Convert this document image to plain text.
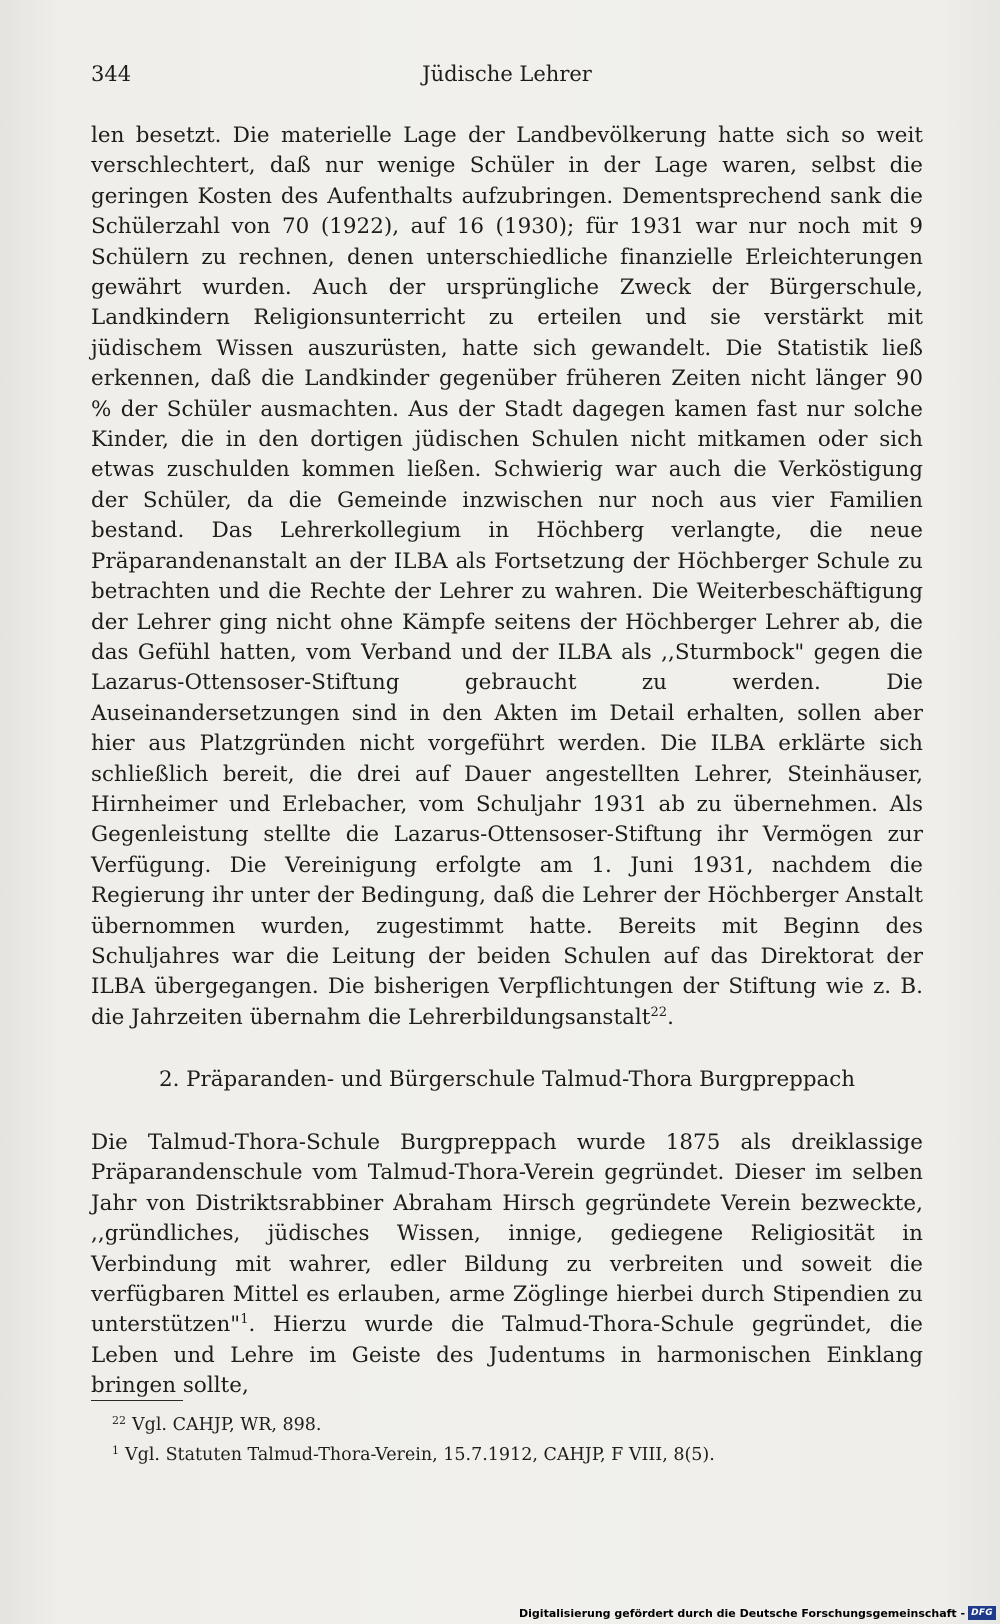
344	Jüdische Lehrer

len besetzt. Die materielle Lage der Landbevölkerung hatte sich so weit verschlechtert, daß nur wenige Schüler in der Lage waren, selbst die geringen Kosten des Aufenthalts aufzubringen. Dementsprechend sank die Schülerzahl von 70 (1922), auf 16 (1930); für 1931 war nur noch mit 9 Schülern zu rechnen, denen unterschiedliche finanzielle Erleichterungen gewährt wurden. Auch der ursprüngliche Zweck der Bürgerschule, Landkindern Religionsunterricht zu erteilen und sie verstärkt mit jüdischem Wissen auszurüsten, hatte sich gewandelt. Die Statistik ließ erkennen, daß die Landkinder gegenüber früheren Zeiten nicht länger 90 % der Schüler ausmachten. Aus der Stadt dagegen kamen fast nur solche Kinder, die in den dortigen jüdischen Schulen nicht mitkamen oder sich etwas zuschulden kommen ließen. Schwierig war auch die Verköstigung der Schüler, da die Gemeinde inzwischen nur noch aus vier Familien bestand. Das Lehrerkollegium in Höchberg verlangte, die neue Präparandenanstalt an der ILBA als Fortsetzung der Höchberger Schule zu betrachten und die Rechte der Lehrer zu wahren. Die Weiterbeschäftigung der Lehrer ging nicht ohne Kämpfe seitens der Höchberger Lehrer ab, die das Gefühl hatten, vom Verband und der ILBA als ,,Sturmbock" gegen die Lazarus-Ottensoser-Stiftung gebraucht zu werden. Die Auseinandersetzungen sind in den Akten im Detail erhalten, sollen aber hier aus Platzgründen nicht vorgeführt werden. Die ILBA erklärte sich schließlich bereit, die drei auf Dauer angestellten Lehrer, Steinhäuser, Hirnheimer und Erlebacher, vom Schuljahr 1931 ab zu übernehmen. Als Gegenleistung stellte die Lazarus-Ottensoser-Stiftung ihr Vermögen zur Verfügung. Die Vereinigung erfolgte am 1. Juni 1931, nachdem die Regierung ihr unter der Bedingung, daß die Lehrer der Höchberger Anstalt übernommen wurden, zugestimmt hatte. Bereits mit Beginn des Schuljahres war die Leitung der beiden Schulen auf das Direktorat der ILBA übergegangen. Die bisherigen Verpflichtungen der Stiftung wie z. B. die Jahrzeiten übernahm die Lehrerbildungsanstalt$^{22}$.

2. Präparanden- und Bürgerschule Talmud-Thora Burgpreppach

Die Talmud-Thora-Schule Burgpreppach wurde 1875 als dreiklassige Präparandenschule vom Talmud-Thora-Verein gegründet. Dieser im selben Jahr von Distriktsrabbiner Abraham Hirsch gegründete Verein bezweckte, ,,gründliches, jüdisches Wissen, innige, gediegene Religiosität in Verbindung mit wahrer, edler Bildung zu verbreiten und soweit die verfügbaren Mittel es erlauben, arme Zöglinge hierbei durch Stipendien zu unterstützen"$^1$. Hierzu wurde die Talmud-Thora-Schule gegründet, die Leben und Lehre im Geiste des Judentums in harmonischen Einklang bringen sollte,

$^{22}$ Vgl. CAHJP, WR, 898.
$^1$ Vgl. Statuten Talmud-Thora-Verein, 15.7.1912, CAHJP, F VIII, 8(5).
Digitalisierung gefördert durch die Deutsche Forschungsgemeinschaft - DFG
